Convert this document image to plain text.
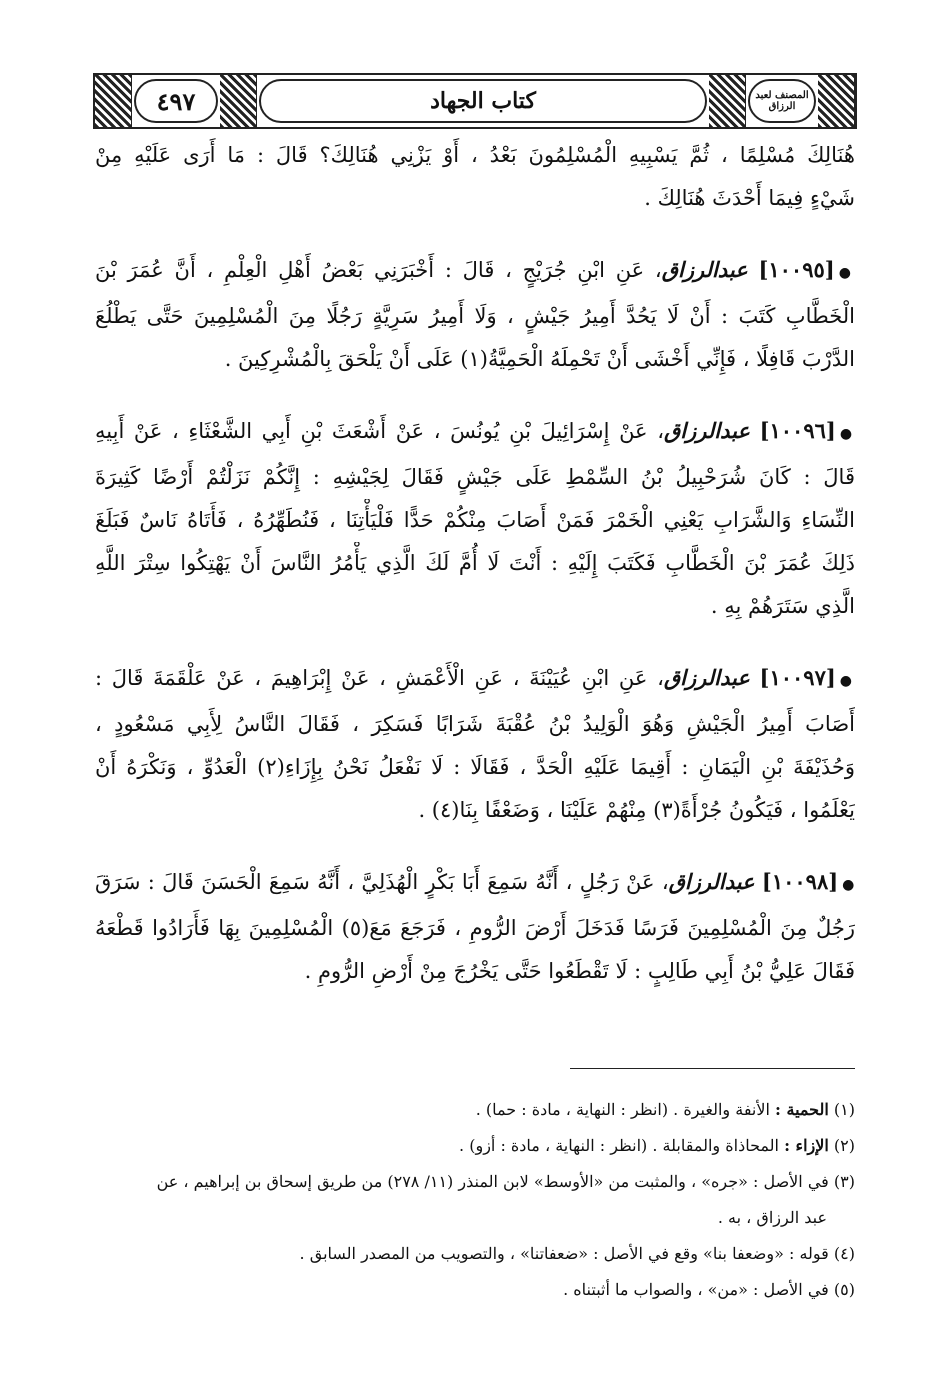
٤٩٧	كتاب الجهاد	المصنف لعبد الرزاق
هُنَالِكَ مُسْلِمًا ، ثُمَّ يَسْبِيهِ الْمُسْلِمُونَ بَعْدُ ، أَوْ يَزْنِي هُنَالِكَ؟ قَالَ : مَا أَرَى عَلَيْهِ مِنْ
شَيْءٍ فِيمَا أَحْدَثَ هُنَالِكَ .
●[١٠٠٩٥] عبدالرزاق، عَنِ ابْنِ جُرَيْجٍ ، قَالَ : أَخْبَرَنِي بَعْضُ أَهْلِ الْعِلْمِ ، أَنَّ عُمَرَ بْنَ
الْخَطَّابِ كَتَبَ : أَنْ لَا يَحُدَّ أَمِيرُ جَيْشٍ ، وَلَا أَمِيرُ سَرِيَّةٍ رَجُلًا مِنَ الْمُسْلِمِينَ حَتَّى يَطْلُعَ
الدَّرْبَ قَافِلًا ، فَإِنِّي أَخْشَى أَنْ تَحْمِلَهُ الْحَمِيَّةُ(١) عَلَى أَنْ يَلْحَقَ بِالْمُشْرِكِينَ .
●[١٠٠٩٦] عبدالرزاق، عَنْ إِسْرَائِيلَ بْنِ يُونُسَ ، عَنْ أَشْعَثَ بْنِ أَبِي الشَّعْثَاءِ ، عَنْ أَبِيهِ
قَالَ : كَانَ شُرَحْبِيلُ بْنُ السِّمْطِ عَلَى جَيْشٍ فَقَالَ لِجَيْشِهِ : إِنَّكُمْ نَزَلْتُمْ أَرْضًا كَثِيرَةَ
النِّسَاءِ وَالشَّرَابِ يَعْنِي الْخَمْرَ فَمَنْ أَصَابَ مِنْكُمْ حَدًّا فَلْيَأْتِنَا ، فَنُطَهِّرُهُ ، فَأَتَاهُ نَاسٌ فَبَلَغَ
ذَلِكَ عُمَرَ بْنَ الْخَطَّابِ فَكَتَبَ إِلَيْهِ : أَنْتَ لَا أُمَّ لَكَ الَّذِي يَأْمُرُ النَّاسَ أَنْ يَهْتِكُوا سِتْرَ اللَّهِ
الَّذِي سَتَرَهُمْ بِهِ .
●[١٠٠٩٧] عبدالرزاق، عَنِ ابْنِ عُيَيْنَةَ ، عَنِ الْأَعْمَشِ ، عَنْ إِبْرَاهِيمَ ، عَنْ عَلْقَمَةَ قَالَ :
أَصَابَ أَمِيرُ الْجَيْشِ وَهُوَ الْوَلِيدُ بْنُ عُقْبَةَ شَرَابًا فَسَكِرَ ، فَقَالَ النَّاسُ لِأَبِي مَسْعُودٍ ،
وَحُذَيْفَةَ بْنِ الْيَمَانِ : أَقِيمَا عَلَيْهِ الْحَدَّ ، فَقَالَا : لَا نَفْعَلُ نَحْنُ بِإِزَاءِ(٢) الْعَدُوِّ ، وَنَكْرَهُ أَنْ
يَعْلَمُوا ، فَيَكُونُ جُرْأَةً(٣) مِنْهُمْ عَلَيْنَا ، وَضَعْفًا بِنَا(٤) .
●[١٠٠٩٨] عبدالرزاق، عَنْ رَجُلٍ ، أَنَّهُ سَمِعَ أَبَا بَكْرٍ الْهُذَلِيَّ ، أَنَّهُ سَمِعَ الْحَسَنَ قَالَ : سَرَقَ
رَجُلٌ مِنَ الْمُسْلِمِينَ فَرَسًا فَدَخَلَ أَرْضَ الرُّومِ ، فَرَجَعَ مَعَ(٥) الْمُسْلِمِينَ بِهَا فَأَرَادُوا قَطْعَهُ
فَقَالَ عَلِيُّ بْنُ أَبِي طَالِبٍ : لَا تَقْطَعُوا حَتَّى يَخْرُجَ مِنْ أَرْضِ الرُّومِ .
(١) الحمية : الأنفة والغيرة . (انظر : النهاية ، مادة : حما) .
(٢) الإزاء : المحاذاة والمقابلة . (انظر : النهاية ، مادة : أزو) .
(٣) في الأصل : «جره» ، والمثبت من «الأوسط» لابن المنذر (١١/ ٢٧٨) من طريق إسحاق بن إبراهيم ، عن
عبد الرزاق ، به .
(٤) قوله : «وضعفا بنا» وقع في الأصل : «ضعفاتنا» ، والتصويب من المصدر السابق .
(٥) في الأصل : «من» ، والصواب ما أثبتناه .
